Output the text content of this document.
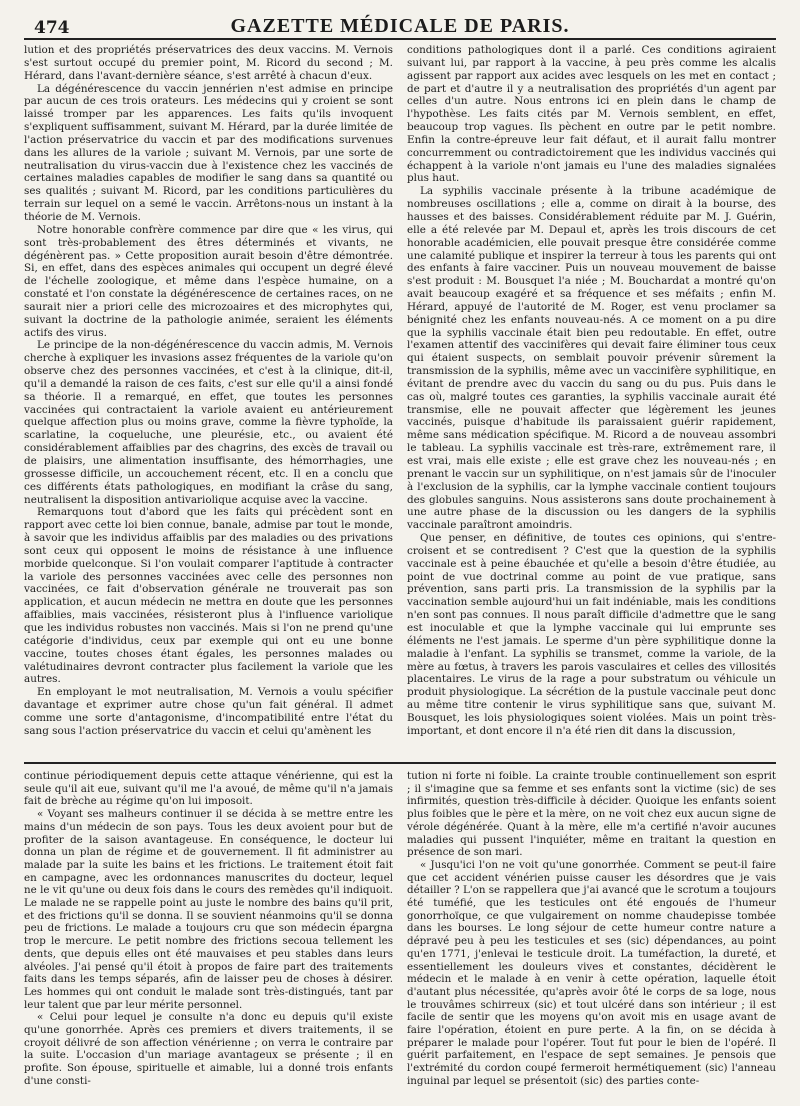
474	GAZETTE MÉDICALE DE PARIS.

lution et des propriétés préservatrices des deux vaccins. M. Vernois s'est surtout occupé du premier point, M. Ricord du second ; M. Hérard, dans l'avant-dernière séance, s'est arrêté à chacun d'eux.

La dégénérescence du vaccin jennérien n'est admise en principe par aucun de ces trois orateurs. Les médecins qui y croient se sont laissé tromper par les apparences. Les faits qu'ils invoquent s'expliquent suffisamment, suivant M. Hérard, par la durée limitée de l'action préservatrice du vaccin et par des modifications survenues dans les allures de la variole ; suivant M. Vernois, par une sorte de neutralisation du virus-vaccin due à l'existence chez les vaccinés de certaines maladies capables de modifier le sang dans sa quantité ou ses qualités ; suivant M. Ricord, par les conditions particulières du terrain sur lequel on a semé le vaccin. Arrêtons-nous un instant à la théorie de M. Vernois.

Notre honorable confrère commence par dire que « les virus, qui sont très-probablement des êtres déterminés et vivants, ne dégénèrent pas. » Cette proposition aurait besoin d'être démontrée. Si, en effet, dans des espèces animales qui occupent un degré élevé de l'échelle zoologique, et même dans l'espèce humaine, on a constaté et l'on constate la dégénérescence de certaines races, on ne saurait nier a priori celle des microzoaires et des microphytes qui, suivant la doctrine de la pathologie animée, seraient les éléments actifs des virus.

Le principe de la non-dégénérescence du vaccin admis, M. Vernois cherche à expliquer les invasions assez fréquentes de la variole qu'on observe chez des personnes vaccinées, et c'est à la clinique, dit-il, qu'il a demandé la raison de ces faits, c'est sur elle qu'il a ainsi fondé sa théorie. Il a remarqué, en effet, que toutes les personnes vaccinées qui contractaient la variole avaient eu antérieurement quelque affection plus ou moins grave, comme la fièvre typhoïde, la scarlatine, la coqueluche, une pleurésie, etc., ou avaient été considérablement affaiblies par des chagrins, des excès de travail ou de plaisirs, une alimentation insuffisante, des hémorrhagies, une grossesse difficile, un accouchement récent, etc. Il en a conclu que ces différents états pathologiques, en modifiant la crâse du sang, neutralisent la disposition antivariolique acquise avec la vaccine.

Remarquons tout d'abord que les faits qui précèdent sont en rapport avec cette loi bien connue, banale, admise par tout le monde, à savoir que les individus affaiblis par des maladies ou des privations sont ceux qui opposent le moins de résistance à une influence morbide quelconque. Si l'on voulait comparer l'aptitude à contracter la variole des personnes vaccinées avec celle des personnes non vaccinées, ce fait d'observation générale ne trouverait pas son application, et aucun médecin ne mettra en doute que les personnes affaiblies, mais vaccinées, résisteront plus à l'influence variolique que les individus robustes non vaccinés. Mais si l'on ne prend qu'une catégorie d'individus, ceux par exemple qui ont eu une bonne vaccine, toutes choses étant égales, les personnes malades ou valétudinaires devront contracter plus facilement la variole que les autres.

En employant le mot neutralisation, M. Vernois a voulu spécifier davantage et exprimer autre chose qu'un fait général. Il admet comme une sorte d'antagonisme, d'incompatibilité entre l'état du sang sous l'action préservatrice du vaccin et celui qu'amènent les

conditions pathologiques dont il a parlé. Ces conditions agiraient suivant lui, par rapport à la vaccine, à peu près comme les alcalis agissent par rapport aux acides avec lesquels on les met en contact ; de part et d'autre il y a neutralisation des propriétés d'un agent par celles d'un autre. Nous entrons ici en plein dans le champ de l'hypothèse. Les faits cités par M. Vernois semblent, en effet, beaucoup trop vagues. Ils pèchent en outre par le petit nombre. Enfin la contre-épreuve leur fait défaut, et il aurait fallu montrer concurremment ou contradictoirement que les individus vaccinés qui échappent à la variole n'ont jamais eu l'une des maladies signalées plus haut.

La syphilis vaccinale présente à la tribune académique de nombreuses oscillations ; elle a, comme on dirait à la bourse, des hausses et des baisses. Considérablement réduite par M. J. Guérin, elle a été relevée par M. Depaul et, après les trois discours de cet honorable académicien, elle pouvait presque être considérée comme une calamité publique et inspirer la terreur à tous les parents qui ont des enfants à faire vacciner. Puis un nouveau mouvement de baisse s'est produit : M. Bousquet l'a niée ; M. Bouchardat a montré qu'on avait beaucoup exagéré et sa fréquence et ses méfaits ; enfin M. Hérard, appuyé de l'autorité de M. Roger, est venu proclamer sa bénignité chez les enfants nouveau-nés. A ce moment on a pu dire que la syphilis vaccinale était bien peu redoutable. En effet, outre l'examen attentif des vaccinifères qui devait faire éliminer tous ceux qui étaient suspects, on semblait pouvoir prévenir sûrement la transmission de la syphilis, même avec un vaccinifère syphilitique, en évitant de prendre avec du vaccin du sang ou du pus. Puis dans le cas où, malgré toutes ces garanties, la syphilis vaccinale aurait été transmise, elle ne pouvait affecter que légèrement les jeunes vaccinés, puisque d'habitude ils paraissaient guérir rapidement, même sans médication spécifique. M. Ricord a de nouveau assombri le tableau. La syphilis vaccinale est très-rare, extrêmement rare, il est vrai, mais elle existe ; elle est grave chez les nouveau-nés ; en prenant le vaccin sur un syphilitique, on n'est jamais sûr de l'inoculer à l'exclusion de la syphilis, car la lymphe vaccinale contient toujours des globules sanguins. Nous assisterons sans doute prochainement à une autre phase de la discussion ou les dangers de la syphilis vaccinale paraîtront amoindris.

Que penser, en définitive, de toutes ces opinions, qui s'entre-croisent et se contredisent ? C'est que la question de la syphilis vaccinale est à peine ébauchée et qu'elle a besoin d'être étudiée, au point de vue doctrinal comme au point de vue pratique, sans prévention, sans parti pris. La transmission de la syphilis par la vaccination semble aujourd'hui un fait indéniable, mais les conditions n'en sont pas connues. Il nous paraît difficile d'admettre que le sang est inoculable et que la lymphe vaccinale qui lui emprunte ses éléments ne l'est jamais. Le sperme d'un père syphilitique donne la maladie à l'enfant. La syphilis se transmet, comme la variole, de la mère au fœtus, à travers les parois vasculaires et celles des villosités placentaires. Le virus de la rage a pour substratum ou véhicule un produit physiologique. La sécrétion de la pustule vaccinale peut donc au même titre contenir le virus syphilitique sans que, suivant M. Bousquet, les lois physiologiques soient violées. Mais un point très-important, et dont encore il n'a été rien dit dans la discussion,

continue périodiquement depuis cette attaque vénérienne, qui est la seule qu'il ait eue, suivant qu'il me l'a avoué, de même qu'il n'a jamais fait de brèche au régime qu'on lui imposoit.

« Voyant ses malheurs continuer il se décida à se mettre entre les mains d'un médecin de son pays. Tous les deux avoient pour but de profiter de la saison avantageuse. En conséquence, le docteur lui donna un plan de régime et de gouvernement. Il fit administrer au malade par la suite les bains et les frictions. Le traitement étoit fait en campagne, avec les ordonnances manuscrites du docteur, lequel ne le vit qu'une ou deux fois dans le cours des remèdes qu'il indiquoit. Le malade ne se rappelle point au juste le nombre des bains qu'il prit, et des frictions qu'il se donna. Il se souvient néanmoins qu'il se donna peu de frictions. Le malade a toujours cru que son médecin épargna trop le mercure. Le petit nombre des frictions secoua tellement les dents, que depuis elles ont été mauvaises et peu stables dans leurs alvéoles. J'ai pensé qu'il étoit à propos de faire part des traitements faits dans les temps séparés, afin de laisser peu de choses à désirer. Les hommes qui ont conduit le malade sont très-distingués, tant par leur talent que par leur mérite personnel.

« Celui pour lequel je consulte n'a donc eu depuis qu'il existe qu'une gonorrhée. Après ces premiers et divers traitements, il se croyoit délivré de son affection vénérienne ; on verra le contraire par la suite. L'occasion d'un mariage avantageux se présente ; il en profite. Son épouse, spirituelle et aimable, lui a donné trois enfants d'une consti-

tution ni forte ni foible. La crainte trouble continuellement son esprit ; il s'imagine que sa femme et ses enfants sont la victime (sic) de ses infirmités, question très-difficile à décider. Quoique les enfants soient plus foibles que le père et la mère, on ne voit chez eux aucun signe de vérole dégénérée. Quant à la mère, elle m'a certifié n'avoir aucunes maladies qui pussent l'inquiéter, même en traitant la question en présence de son mari.

« Jusqu'ici l'on ne voit qu'une gonorrhée. Comment se peut-il faire que cet accident vénérien puisse causer les désordres que je vais détailler ? L'on se rappellera que j'ai avancé que le scrotum a toujours été tuméfié, que les testicules ont été engoués de l'humeur gonorrhoïque, ce que vulgairement on nomme chaudepisse tombée dans les bourses. Le long séjour de cette humeur contre nature a dépravé peu à peu les testicules et ses (sic) dépendances, au point qu'en 1771, j'enlevai le testicule droit. La tuméfaction, la dureté, et essentiellement les douleurs vives et constantes, décidèrent le médecin et le malade à en venir à cette opération, laquelle étoit d'autant plus nécessitée, qu'après avoir ôté le corps de sa loge, nous le trouvâmes schirreux (sic) et tout ulcéré dans son intérieur ; il est facile de sentir que les moyens qu'on avoit mis en usage avant de faire l'opération, étoient en pure perte. A la fin, on se décida à préparer le malade pour l'opérer. Tout fut pour le bien de l'opéré. Il guérit parfaitement, en l'espace de sept semaines. Je pensois que l'extrémité du cordon coupé fermeroit hermétiquement (sic) l'anneau inguinal par lequel se présentoit (sic) des parties conte-
